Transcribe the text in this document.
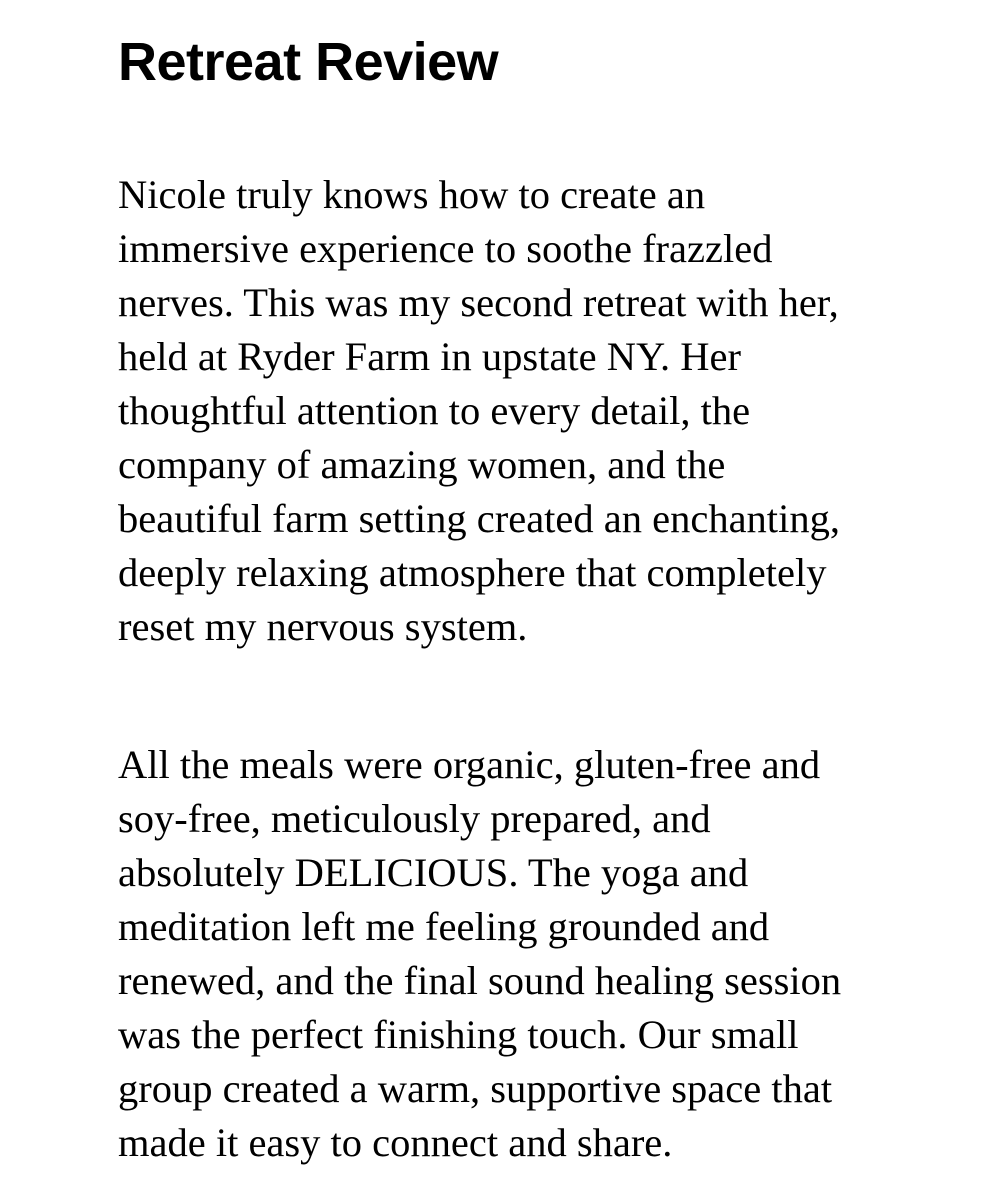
Retreat Review

Nicole truly knows how to create an
immersive experience to soothe frazzled
nerves. This was my second retreat with her,
held at Ryder Farm in upstate NY. Her
thoughtful attention to every detail, the
company of amazing women, and the
beautiful farm setting created an enchanting,
deeply relaxing atmosphere that completely
reset my nervous system.

All the meals were organic, gluten-free and
soy-free, meticulously prepared, and
absolutely DELICIOUS. The yoga and
meditation left me feeling grounded and
renewed, and the final sound healing session
was the perfect finishing touch. Our small
group created a warm, supportive space that
made it easy to connect and share.
